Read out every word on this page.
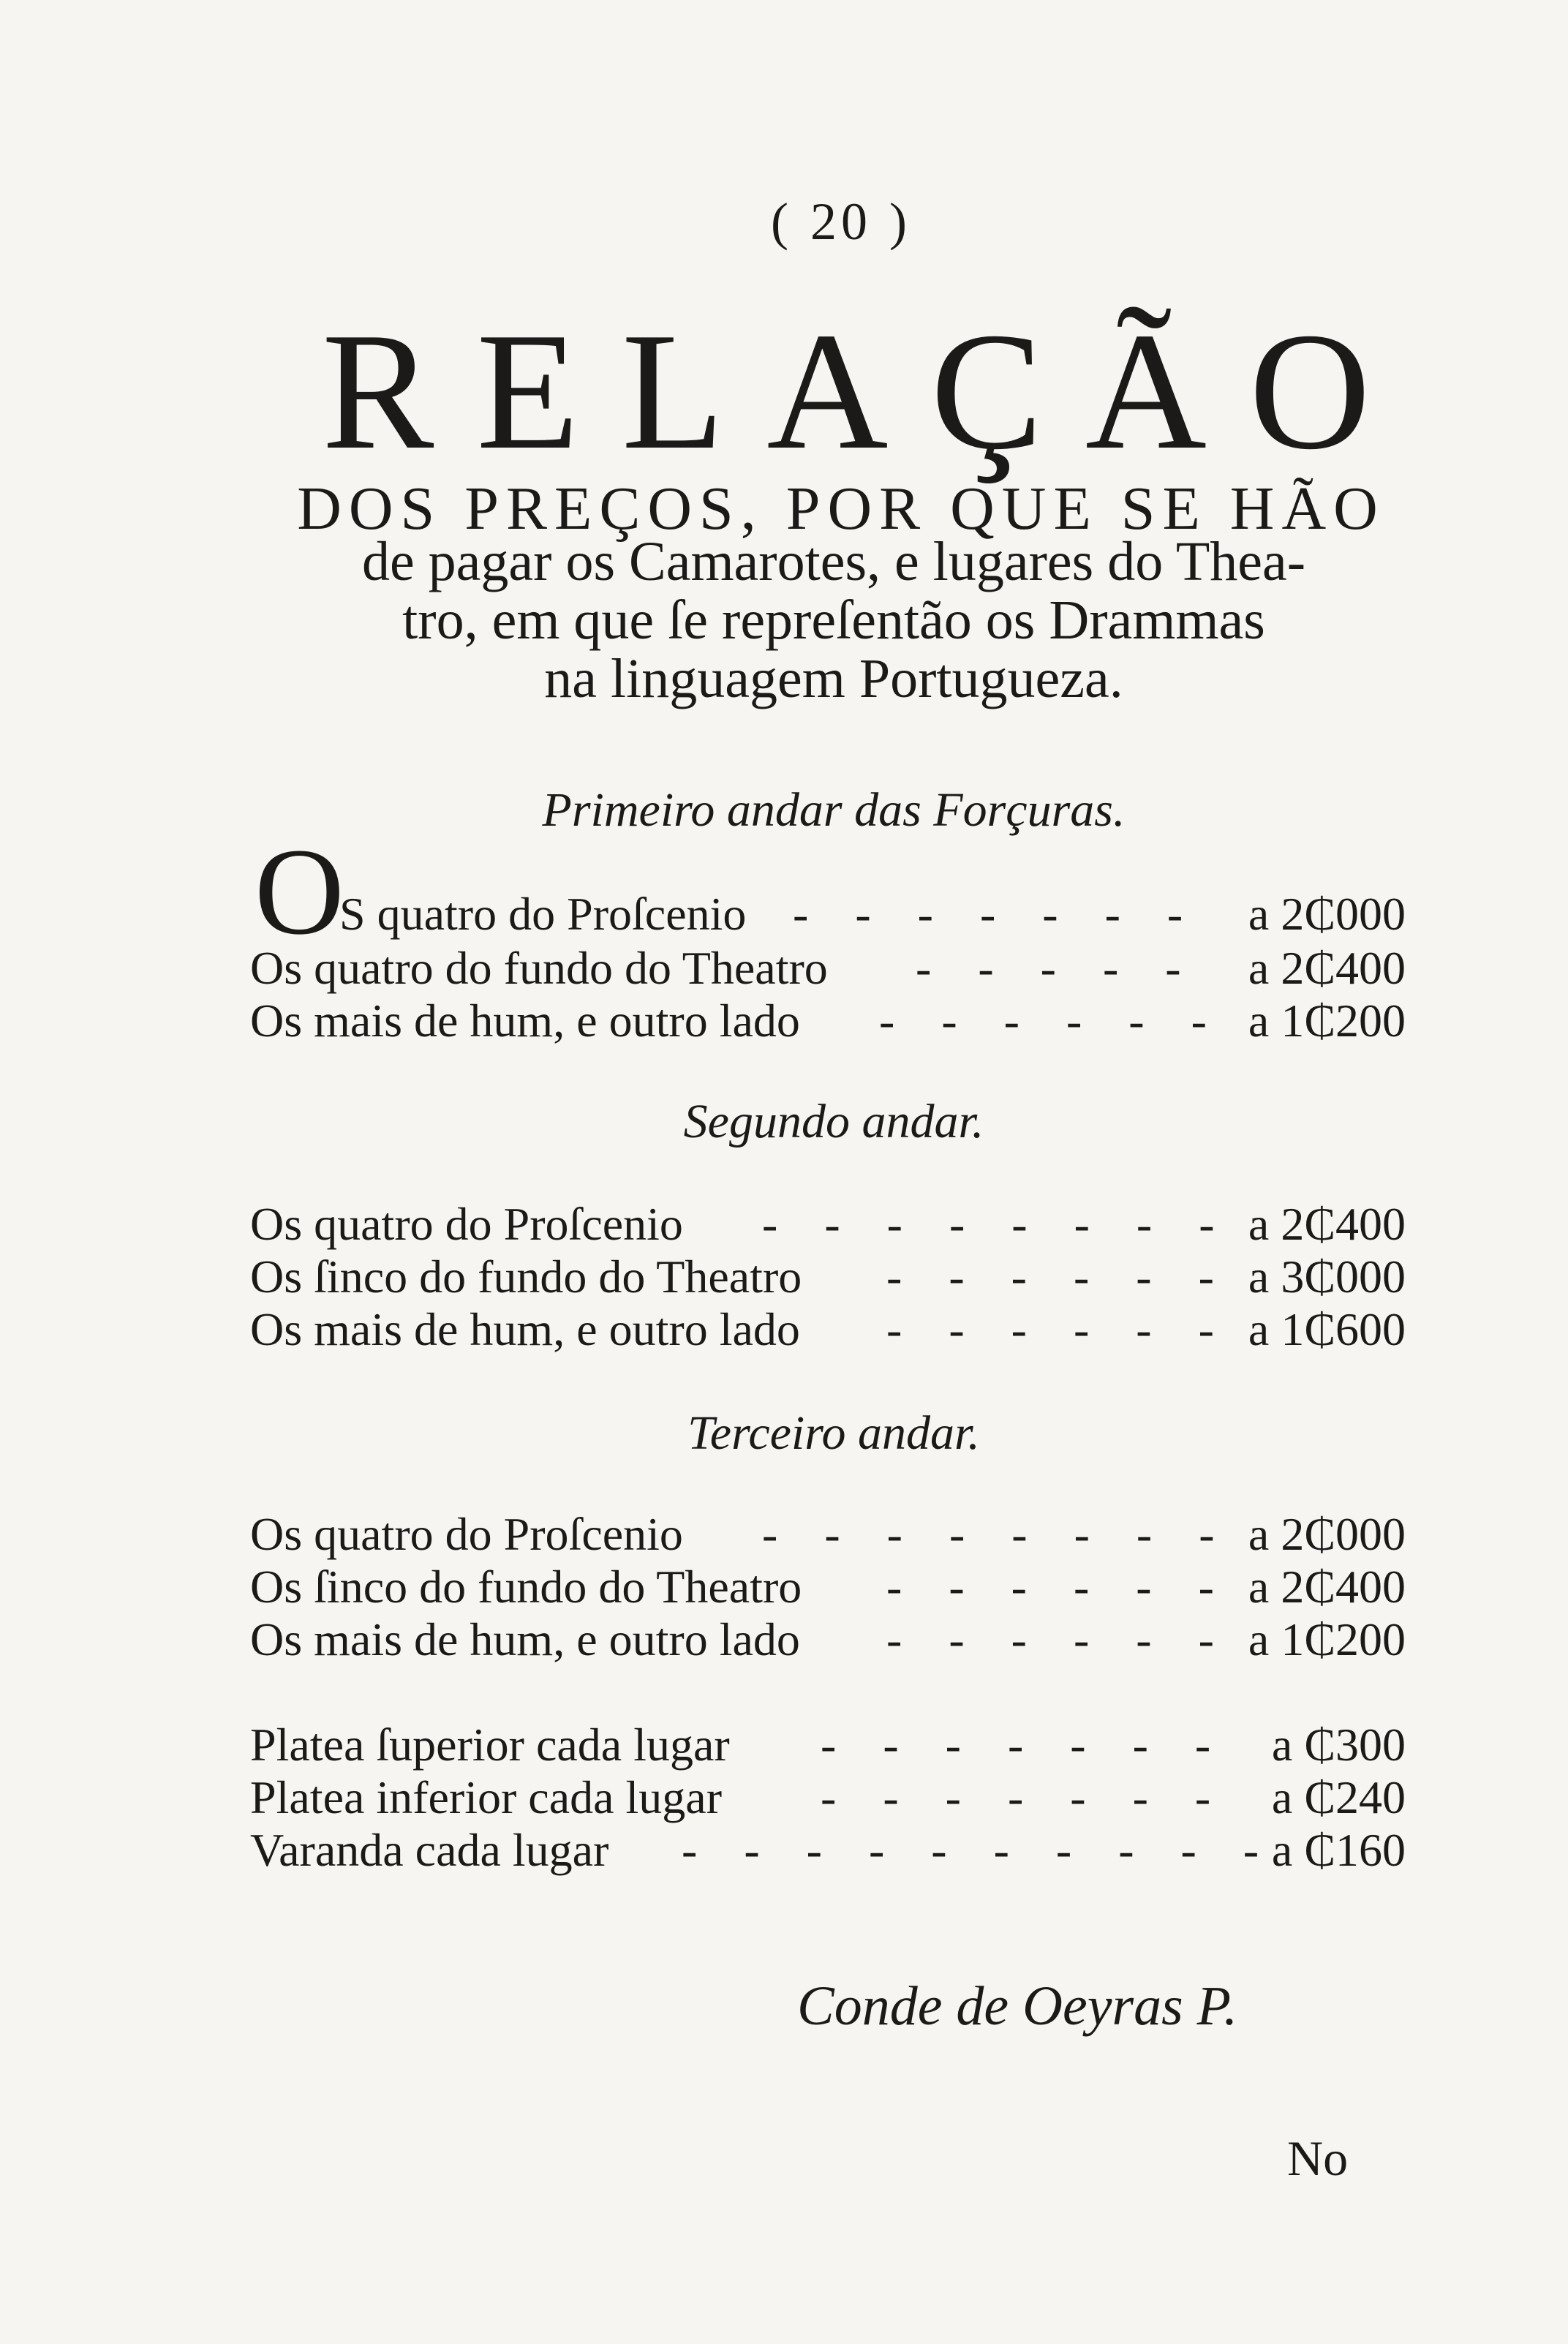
( 20 )
RELAÇÃO
DOS PREÇOS, POR QUE SE HÃO
de pagar os Camarotes, e lugares do Thea-
tro, em que ſe repreſentão os Drammas
na linguagem Portugueza.
Primeiro andar das Forçuras.
O
S quatro do Proſcenio - - - - - - - a 2₵000
Os quatro do fundo do Theatro - - - - - a 2₵400
Os mais de hum, e outro lado - - - - - - a 1₵200
Segundo andar.
Os quatro do Proſcenio - - - - - - - - a 2₵400
Os ſinco do fundo do Theatro - - - - - - a 3₵000
Os mais de hum, e outro lado - - - - - - a 1₵600
Terceiro andar.
Os quatro do Proſcenio - - - - - - - - a 2₵000
Os ſinco do fundo do Theatro - - - - - - a 2₵400
Os mais de hum, e outro lado - - - - - - a 1₵200
Platea ſuperior cada lugar - - - - - - - a ₵300
Platea inferior cada lugar - - - - - - - a ₵240
Varanda cada lugar - - - - - - - - - -
a ₵160
Conde de Oeyras P.
No
